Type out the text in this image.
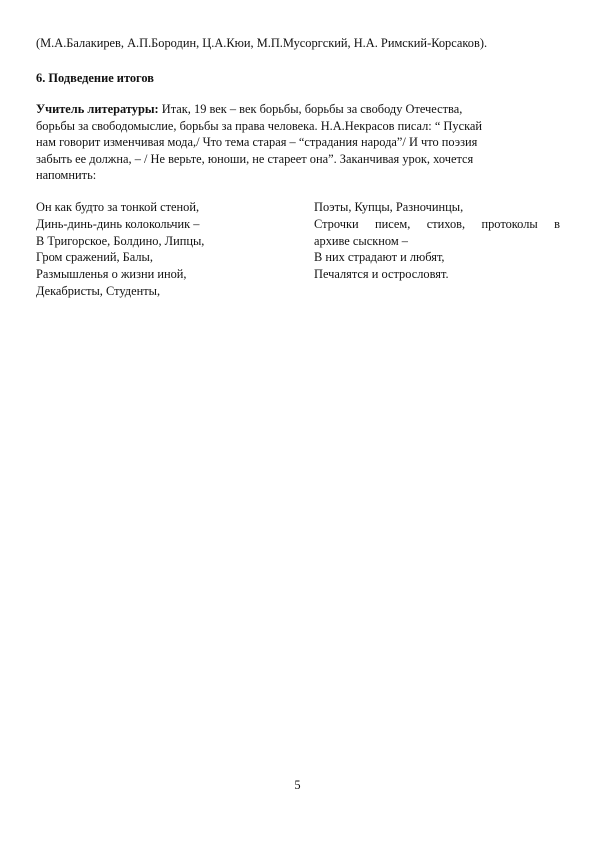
(М.А.Балакирев, А.П.Бородин, Ц.А.Кюи, М.П.Мусоргский, Н.А. Римский-Корсаков).
6. Подведение итогов
Учитель литературы: Итак, 19 век – век борьбы, борьбы за свободу Отечества,
борьбы за свободомыслие, борьбы за права человека. Н.А.Некрасов писал: “ Пускай
нам говорит изменчивая мода,/ Что тема старая – “страдания народа”/ И что поэзия
забыть ее должна, – / Не верьте, юноши, не стареет она”. Заканчивая урок, хочется
напомнить:
Он как будто за тонкой стеной,
Динь-динь-динь колокольчик –
В Тригорское, Болдино, Липцы,
Гром сражений, Балы,
Размышленья о жизни иной,
Декабристы, Студенты,
Поэты, Купцы, Разночинцы,
Строчки писем, стихов, протоколы в
архиве сыскном –
В них страдают и любят,
Печалятся и острословят.
5
